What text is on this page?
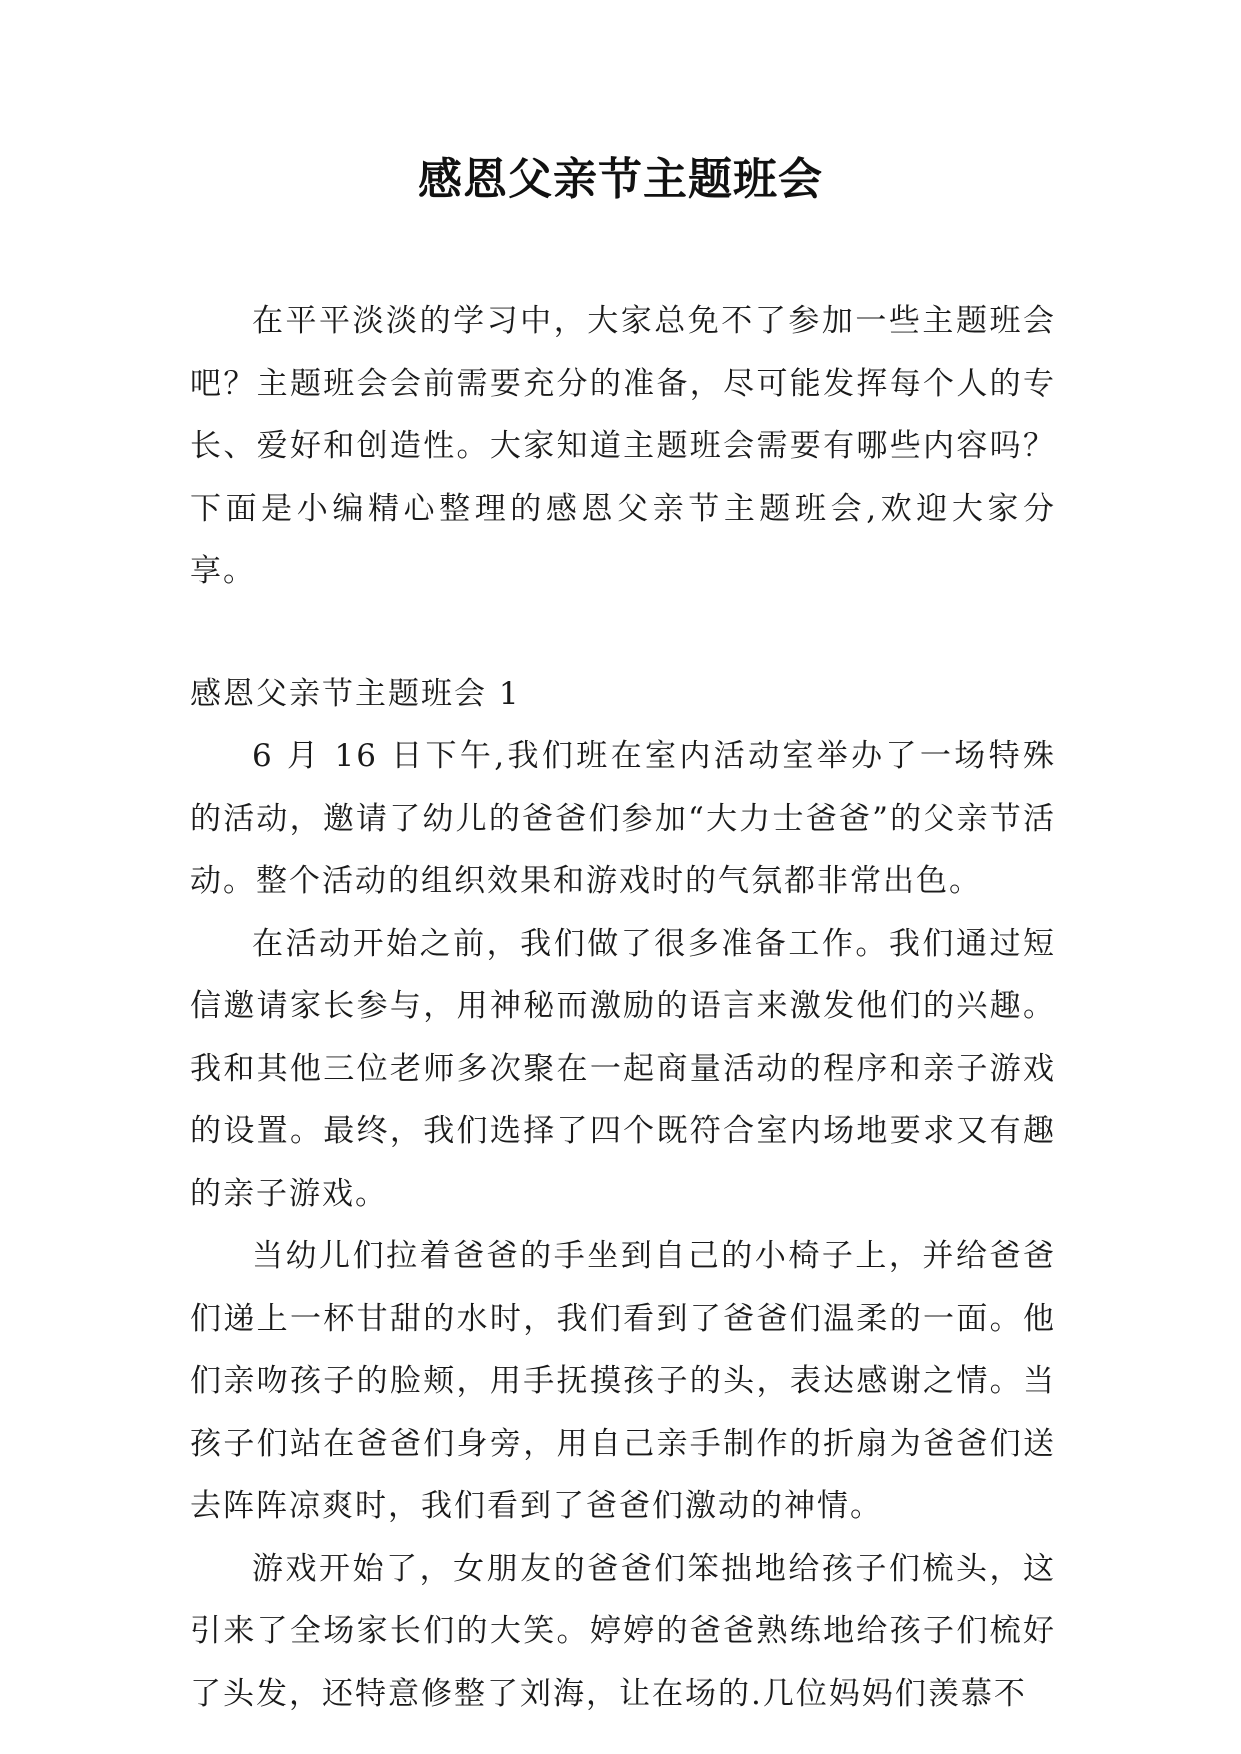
感恩父亲节主题班会

在平平淡淡的学习中，大家总免不了参加一些主题班会吧？主题班会会前需要充分的准备，尽可能发挥每个人的专长、爱好和创造性。大家知道主题班会需要有哪些内容吗？下面是小编精心整理的感恩父亲节主题班会,欢迎大家分享。

感恩父亲节主题班会 1

6 月 16 日下午,我们班在室内活动室举办了一场特殊的活动，邀请了幼儿的爸爸们参加“大力士爸爸”的父亲节活动。整个活动的组织效果和游戏时的气氛都非常出色。

在活动开始之前，我们做了很多准备工作。我们通过短信邀请家长参与，用神秘而激励的语言来激发他们的兴趣。我和其他三位老师多次聚在一起商量活动的程序和亲子游戏的设置。最终，我们选择了四个既符合室内场地要求又有趣的亲子游戏。

当幼儿们拉着爸爸的手坐到自己的小椅子上，并给爸爸们递上一杯甘甜的水时，我们看到了爸爸们温柔的一面。他们亲吻孩子的脸颊，用手抚摸孩子的头，表达感谢之情。当孩子们站在爸爸们身旁，用自己亲手制作的折扇为爸爸们送去阵阵凉爽时，我们看到了爸爸们激动的神情。

游戏开始了，女朋友的爸爸们笨拙地给孩子们梳头，这引来了全场家长们的大笑。婷婷的爸爸熟练地给孩子们梳好了头发，还特意修整了刘海，让在场的.几位妈妈们羡慕不
